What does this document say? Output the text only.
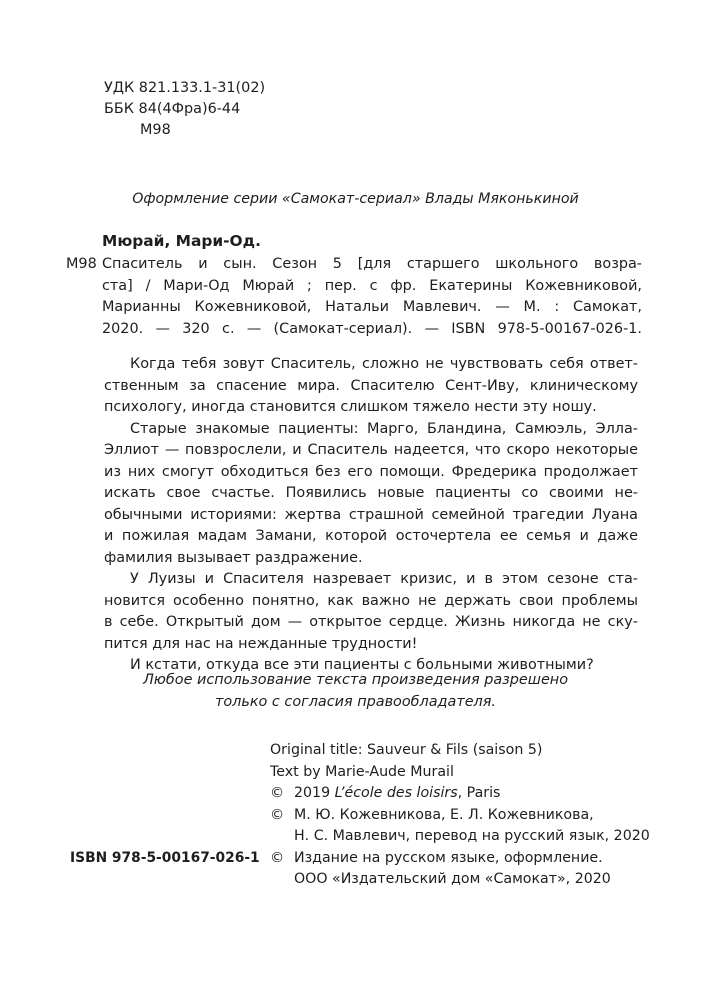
УДК 821.133.1-31(02)
ББК 84(4Фра)6-44
М98
Оформление серии «Самокат-сериал» Влады Мяконькиной
Мюрай, Мари-Од.
М98 Спаситель и сын. Сезон 5 [для старшего школьного возра-
ста] / Мари-Од Мюрай ; пер. с фр. Екатерины Кожевниковой,
Марианны Кожевниковой, Натальи Мавлевич. — М. : Самокат,
2020. — 320 с. — (Самокат-сериал). — ISBN 978-5-00167-026-1.
Когда тебя зовут Спаситель, сложно не чувствовать себя ответ-
ственным за спасение мира. Спасителю Сент-Иву, клиническому
психологу, иногда становится слишком тяжело нести эту ношу.
Старые знакомые пациенты: Марго, Бландина, Самюэль, Элла-
Эллиот — повзрослели, и Спаситель надеется, что скоро некоторые
из них смогут обходиться без его помощи. Фредерика продолжает
искать свое счастье. Появились новые пациенты со своими не-
обычными историями: жертва страшной семейной трагедии Луана
и пожилая мадам Замани, которой осточертела ее семья и даже
фамилия вызывает раздражение.
У Луизы и Спасителя назревает кризис, и в этом сезоне ста-
новится особенно понятно, как важно не держать свои проблемы
в себе. Открытый дом — открытое сердце. Жизнь никогда не ску-
пится для нас на нежданные трудности!
И кстати, откуда все эти пациенты с больными животными?
Любое использование текста произведения разрешено
только с согласия правообладателя.
Original title: Sauveur & Fils (saison 5)
Text by Marie-Aude Murail
© 2019 L’école des loisirs, Paris
© М. Ю. Кожевникова, Е. Л. Кожевникова,
Н. С. Мавлевич, перевод на русский язык, 2020
© Издание на русском языке, оформление.
ООО «Издательский дом «Самокат», 2020
ISBN 978-5-00167-026-1
